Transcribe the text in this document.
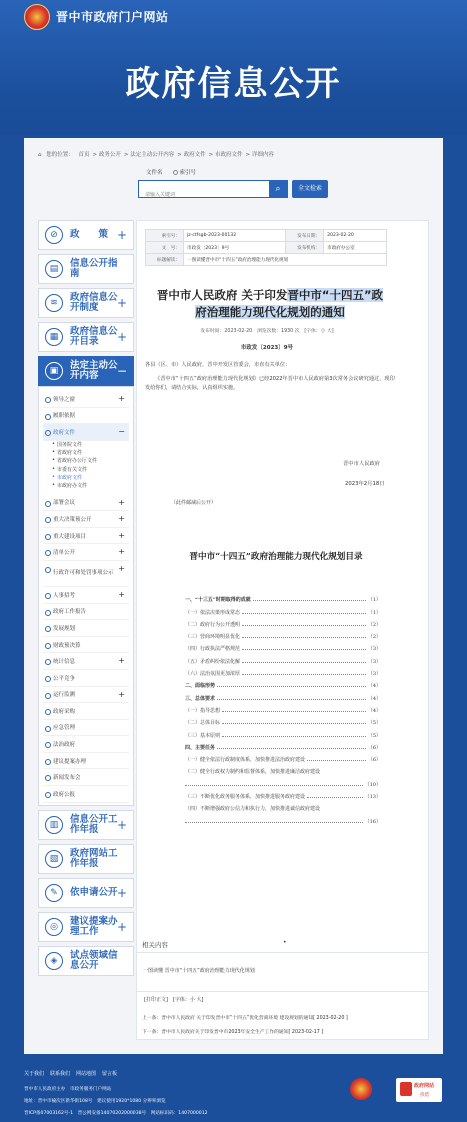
晋中市政府门户网站
政府信息公开
⌂ 您的位置： 首页 > 政务公开 > 法定主动公开内容 > 政府文件 > 市政府文件 > 详细内容
文件名	索引号
请输入关键词
⌕	全文检索
⊘	政　　策 +
▤	信息公开指南
≋	政府信息公开制度	+
▦	政府信息公开目录	+
▣	法定主动公开内容	−
领导之窗	+
履职依据
政府文件	−
• 国务院文件
• 省政府文件
• 省政府办公厅文件
• 市委有关文件
• 市政府文件
• 市政府办文件
部署会议	+
重大决策预公开	+
重大建设项目	+
清单公开	+
行政许可和处罚事项公示
+
人事招考	+
政府工作报告
发展规划
财政预决算
统计信息	+
公平竞争
运行监测	+
政府采购
应急管理
法治政府
建议提案办理
新闻发布会
政府公报
▥	信息公开工作年报	+
▧	政府网站工作年报
✎	依申请公开 +
◎	建议提案办理工作	+
◈	试点领域信息公开
索引号：	jz-ctfsgb-2023-00132	发布日期：	2023-02-20
文　号：	市政发〔2023〕9号	发布机构：	市政府办公室
标题解读：	一图读懂晋中市“十四五”政府治理能力现代化规划		
晋中市人民政府 关于印发晋中市“十四五”政府治理能力现代化规划的通知
发布时间：2023-02-20　浏览次数：1930 次　[字体：小 大]
市政发〔2023〕9号

各县（区、市）人民政府，晋中开发区管委会，市直有关单位：

《晋中市“十四五”政府治理能力现代化规划》已经2022年晋中市人民政府第3次常务会议研究通过，现印发给你们，请结合实际，认真组织实施。

晋中市人民政府
2023年2月18日
（此件邮减后公开）
晋中市“十四五”政府治理能力现代化规划目录
一、“十三五”时期取得的成就	（1）
（一）依法决策形成常态	（1）
（二）政府行为公开透明	（2）
（三）营商环境明显优化	（2）
（四）行政执法严格规范	（3）
（五）矛盾纠纷依法化解	（3）
（六）法治氛围更加浓厚	（3）
二、面临形势	（4）
三、总体要求	（4）
（一）指导思想	（4）
（二）总体目标	（5）
（三）基本原则	（5）
四、主要任务	（6）
（一）健全依法行政制度体系，加快推进法治政府建设	（6）
（二）健全行政权力制约和监督体系，加快推进廉洁政府建设
（10）
（三）不断优化政务服务体系，加快推进服务政府建设	（13）
（四）不断增强政府公信力和执行力，加快推进诚信政府建设
（16）
•
相关内容
一图读懂 晋中市“十四五”政府治理能力现代化规划
[打印正文]　[字体：小 大]
上一条：晋中市人民政府 关于印发晋中市“十四五”优化营商环境 建设规划的通知[ 2023-02-20 ]
下一条：晋中市人民政府关于印发晋中市2023年安全生产工作的通知[ 2023-02-17 ]
关于我们 联系我们 网站地图 留言板
晋中市人民政府主办　市政务服务门户网站
地址：晋中市榆次区新华街108号　建议使用1920*1080 分辨率浏览
晋ICP备07003162号-1　晋公网安备14070202000038号　网站标识码：1407000012
政府网站
找错
